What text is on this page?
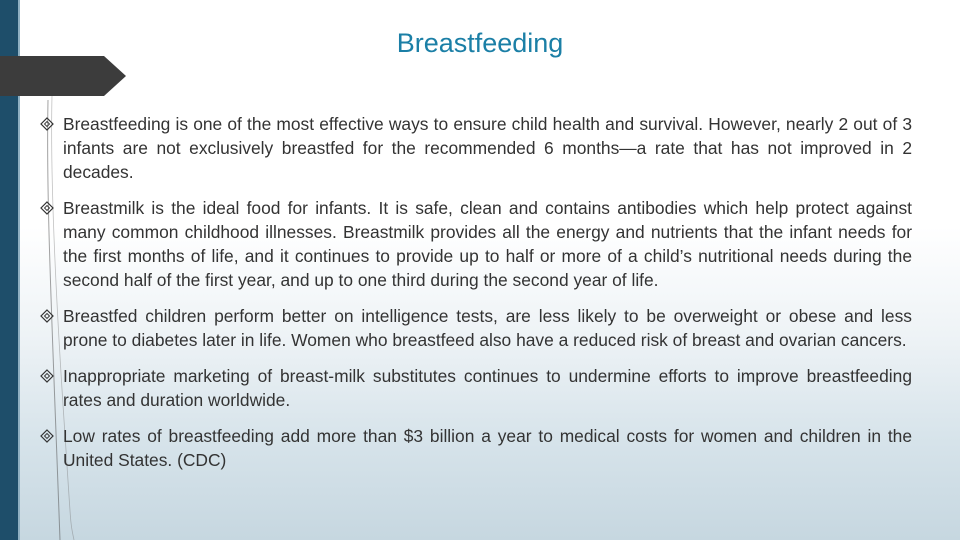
Breastfeeding
Breastfeeding is one of the most effective ways to ensure child health and survival. However, nearly 2 out of 3 infants are not exclusively breastfed for the recommended 6 months—a rate that has not improved in 2 decades.
Breastmilk is the ideal food for infants. It is safe, clean and contains antibodies which help protect against many common childhood illnesses. Breastmilk provides all the energy and nutrients that the infant needs for the first months of life, and it continues to provide up to half or more of a child’s nutritional needs during the second half of the first year, and up to one third during the second year of life.
Breastfed children perform better on intelligence tests, are less likely to be overweight or obese and less prone to diabetes later in life. Women who breastfeed also have a reduced risk of breast and ovarian cancers.
Inappropriate marketing of breast-milk substitutes continues to undermine efforts to improve breastfeeding rates and duration worldwide.
Low rates of breastfeeding add more than $3 billion a year to medical costs for women and children in the United States. (CDC)
